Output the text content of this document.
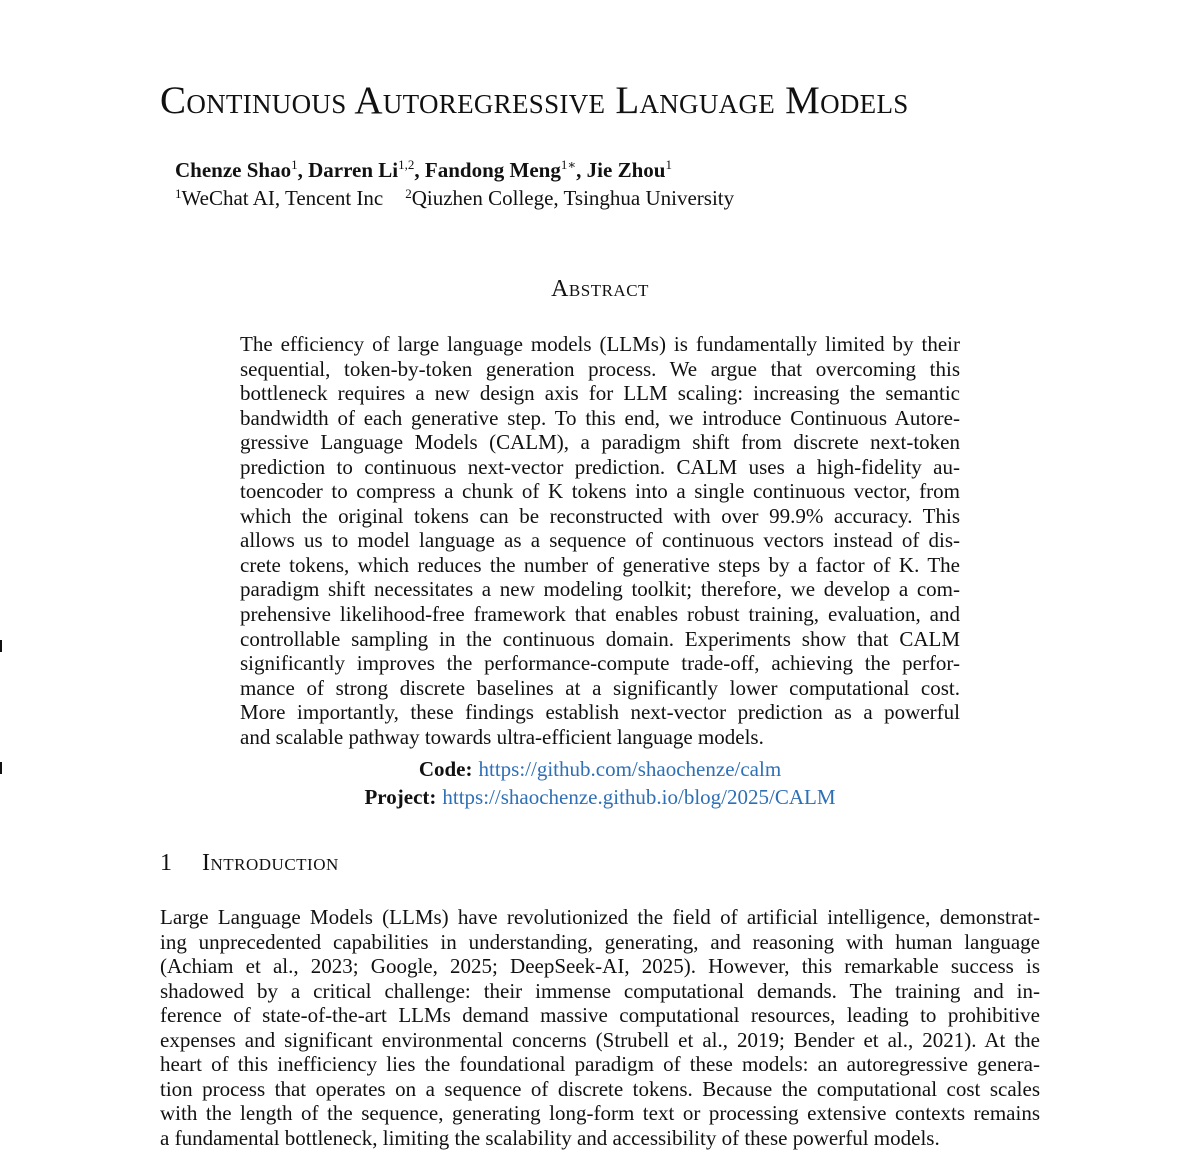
Continuous Autoregressive Language Models
Chenze Shao$^1$, Darren Li$^{1,2}$, Fandong Meng$^{1∗}$, Jie Zhou$^1$
$^1$WeChat AI, Tencent Inc $^2$Qiuzhen College, Tsinghua University
Abstract
The efficiency of large language models (LLMs) is fundamentally limited by their
sequential, token-by-token generation process. We argue that overcoming this
bottleneck requires a new design axis for LLM scaling: increasing the semantic
bandwidth of each generative step. To this end, we introduce Continuous Autore-
gressive Language Models (CALM), a paradigm shift from discrete next-token
prediction to continuous next-vector prediction. CALM uses a high-fidelity au-
toencoder to compress a chunk of K tokens into a single continuous vector, from
which the original tokens can be reconstructed with over 99.9% accuracy. This
allows us to model language as a sequence of continuous vectors instead of dis-
crete tokens, which reduces the number of generative steps by a factor of K. The
paradigm shift necessitates a new modeling toolkit; therefore, we develop a com-
prehensive likelihood-free framework that enables robust training, evaluation, and
controllable sampling in the continuous domain. Experiments show that CALM
significantly improves the performance-compute trade-off, achieving the perfor-
mance of strong discrete baselines at a significantly lower computational cost.
More importantly, these findings establish next-vector prediction as a powerful
and scalable pathway towards ultra-efficient language models.
Code: https://github.com/shaochenze/calm
Project: https://shaochenze.github.io/blog/2025/CALM
1 Introduction
Large Language Models (LLMs) have revolutionized the field of artificial intelligence, demonstrat-
ing unprecedented capabilities in understanding, generating, and reasoning with human language
(Achiam et al., 2023; Google, 2025; DeepSeek-AI, 2025). However, this remarkable success is
shadowed by a critical challenge: their immense computational demands. The training and in-
ference of state-of-the-art LLMs demand massive computational resources, leading to prohibitive
expenses and significant environmental concerns (Strubell et al., 2019; Bender et al., 2021). At the
heart of this inefficiency lies the foundational paradigm of these models: an autoregressive genera-
tion process that operates on a sequence of discrete tokens. Because the computational cost scales
with the length of the sequence, generating long-form text or processing extensive contexts remains
a fundamental bottleneck, limiting the scalability and accessibility of these powerful models.
